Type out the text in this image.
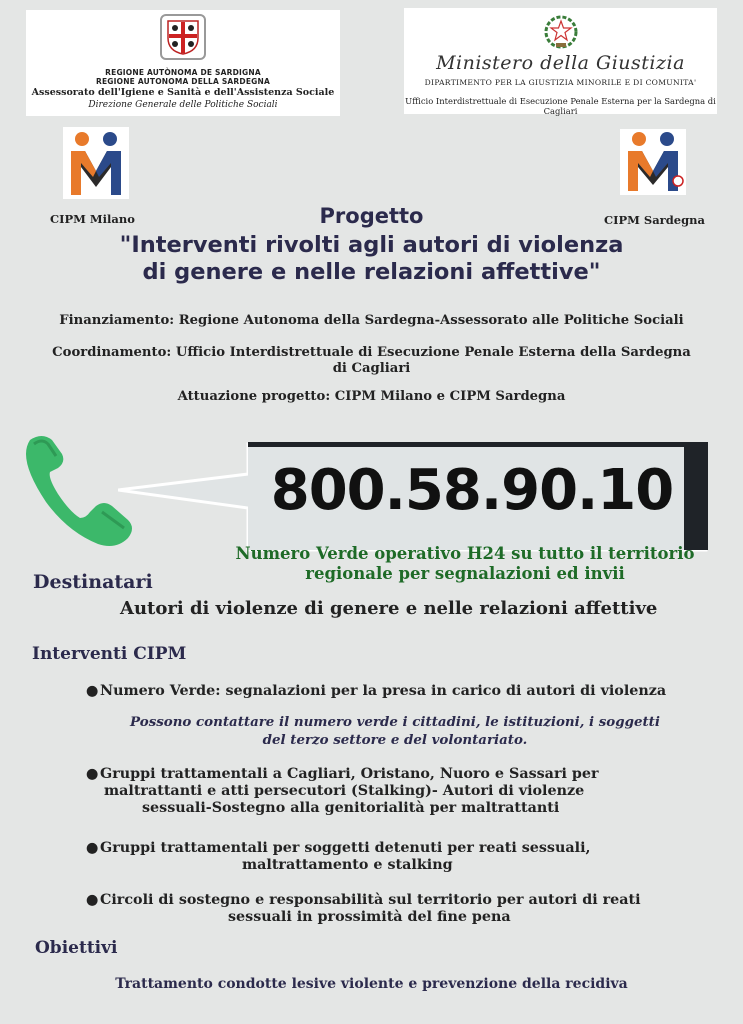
REGIONE AUTÒNOMA DE SARDIGNA
REGIONE AUTONOMA DELLA SARDEGNA
Assessorato dell'Igiene e Sanità e dell'Assistenza Sociale
Direzione Generale delle Politiche Sociali
Ministero della Giustizia
DIPARTIMENTO PER LA GIUSTIZIA MINORILE E DI COMUNITA'
Ufficio Interdistrettuale di Esecuzione Penale Esterna per la Sardegna di Cagliari
CIPM Milano	CIPM Sardegna
Progetto
"Interventi rivolti agli autori di violenza
di genere e nelle relazioni affettive"
Finanziamento: Regione Autonoma della Sardegna-Assessorato alle Politiche Sociali
Coordinamento: Ufficio Interdistrettuale di Esecuzione Penale Esterna della Sardegna
di Cagliari
Attuazione progetto: CIPM Milano e CIPM Sardegna
800.58.90.10
Numero Verde operativo H24 su tutto il territorio
regionale per segnalazioni ed invii
Destinatari
Autori di violenze di genere e nelle relazioni affettive
Interventi CIPM
● Numero Verde: segnalazioni per la presa in carico di autori di violenza
Possono contattare il numero verde i cittadini, le istituzioni, i soggetti
del terzo settore e del volontariato.
● Gruppi trattamentali a Cagliari, Oristano, Nuoro e Sassari per
maltrattanti e atti persecutori (Stalking)- Autori di violenze
sessuali-Sostegno alla genitorialità per maltrattanti
● Gruppi trattamentali per soggetti detenuti per reati sessuali,
maltrattamento e stalking
● Circoli di sostegno e responsabilità sul territorio per autori di reati
sessuali in prossimità del fine pena
Obiettivi
Trattamento condotte lesive violente e prevenzione della recidiva
